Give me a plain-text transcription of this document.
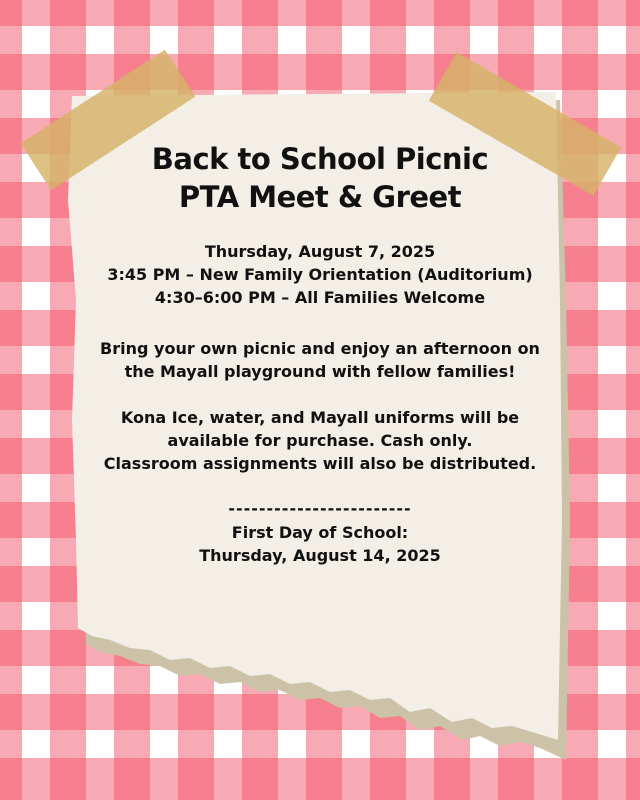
Back to School Picnic
PTA Meet & Greet
Thursday, August 7, 2025
3:45 PM – New Family Orientation (Auditorium)
4:30–6:00 PM – All Families Welcome
Bring your own picnic and enjoy an afternoon on
the Mayall playground with fellow families!
Kona Ice, water, and Mayall uniforms will be
available for purchase. Cash only.
Classroom assignments will also be distributed.
------------------------
First Day of School:
Thursday, August 14, 2025
